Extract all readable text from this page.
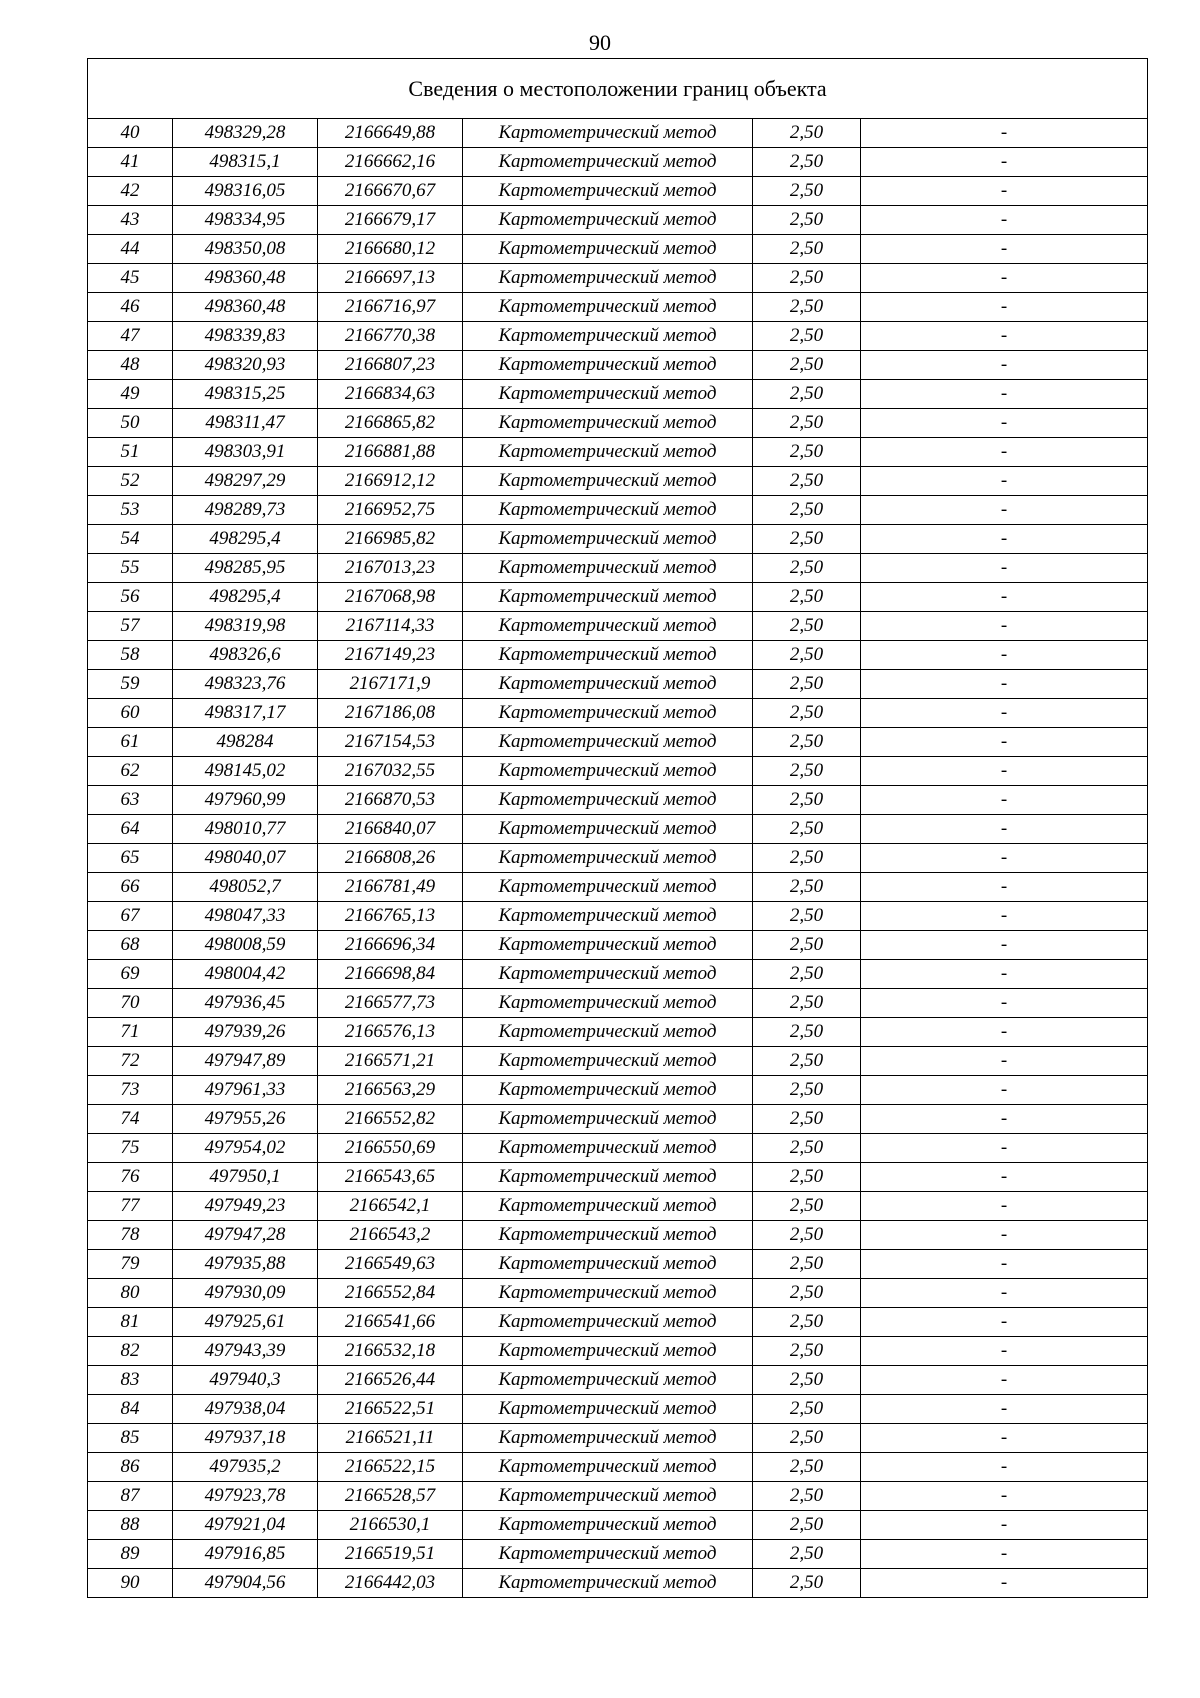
90
Сведения о местоположении границ объекта					
40	498329,28	2166649,88	Картометрический метод	2,50	-
41	498315,1	2166662,16	Картометрический метод	2,50	-
42	498316,05	2166670,67	Картометрический метод	2,50	-
43	498334,95	2166679,17	Картометрический метод	2,50	-
44	498350,08	2166680,12	Картометрический метод	2,50	-
45	498360,48	2166697,13	Картометрический метод	2,50	-
46	498360,48	2166716,97	Картометрический метод	2,50	-
47	498339,83	2166770,38	Картометрический метод	2,50	-
48	498320,93	2166807,23	Картометрический метод	2,50	-
49	498315,25	2166834,63	Картометрический метод	2,50	-
50	498311,47	2166865,82	Картометрический метод	2,50	-
51	498303,91	2166881,88	Картометрический метод	2,50	-
52	498297,29	2166912,12	Картометрический метод	2,50	-
53	498289,73	2166952,75	Картометрический метод	2,50	-
54	498295,4	2166985,82	Картометрический метод	2,50	-
55	498285,95	2167013,23	Картометрический метод	2,50	-
56	498295,4	2167068,98	Картометрический метод	2,50	-
57	498319,98	2167114,33	Картометрический метод	2,50	-
58	498326,6	2167149,23	Картометрический метод	2,50	-
59	498323,76	2167171,9	Картометрический метод	2,50	-
60	498317,17	2167186,08	Картометрический метод	2,50	-
61	498284	2167154,53	Картометрический метод	2,50	-
62	498145,02	2167032,55	Картометрический метод	2,50	-
63	497960,99	2166870,53	Картометрический метод	2,50	-
64	498010,77	2166840,07	Картометрический метод	2,50	-
65	498040,07	2166808,26	Картометрический метод	2,50	-
66	498052,7	2166781,49	Картометрический метод	2,50	-
67	498047,33	2166765,13	Картометрический метод	2,50	-
68	498008,59	2166696,34	Картометрический метод	2,50	-
69	498004,42	2166698,84	Картометрический метод	2,50	-
70	497936,45	2166577,73	Картометрический метод	2,50	-
71	497939,26	2166576,13	Картометрический метод	2,50	-
72	497947,89	2166571,21	Картометрический метод	2,50	-
73	497961,33	2166563,29	Картометрический метод	2,50	-
74	497955,26	2166552,82	Картометрический метод	2,50	-
75	497954,02	2166550,69	Картометрический метод	2,50	-
76	497950,1	2166543,65	Картометрический метод	2,50	-
77	497949,23	2166542,1	Картометрический метод	2,50	-
78	497947,28	2166543,2	Картометрический метод	2,50	-
79	497935,88	2166549,63	Картометрический метод	2,50	-
80	497930,09	2166552,84	Картометрический метод	2,50	-
81	497925,61	2166541,66	Картометрический метод	2,50	-
82	497943,39	2166532,18	Картометрический метод	2,50	-
83	497940,3	2166526,44	Картометрический метод	2,50	-
84	497938,04	2166522,51	Картометрический метод	2,50	-
85	497937,18	2166521,11	Картометрический метод	2,50	-
86	497935,2	2166522,15	Картометрический метод	2,50	-
87	497923,78	2166528,57	Картометрический метод	2,50	-
88	497921,04	2166530,1	Картометрический метод	2,50	-
89	497916,85	2166519,51	Картометрический метод	2,50	-
90	497904,56	2166442,03	Картометрический метод	2,50	-
